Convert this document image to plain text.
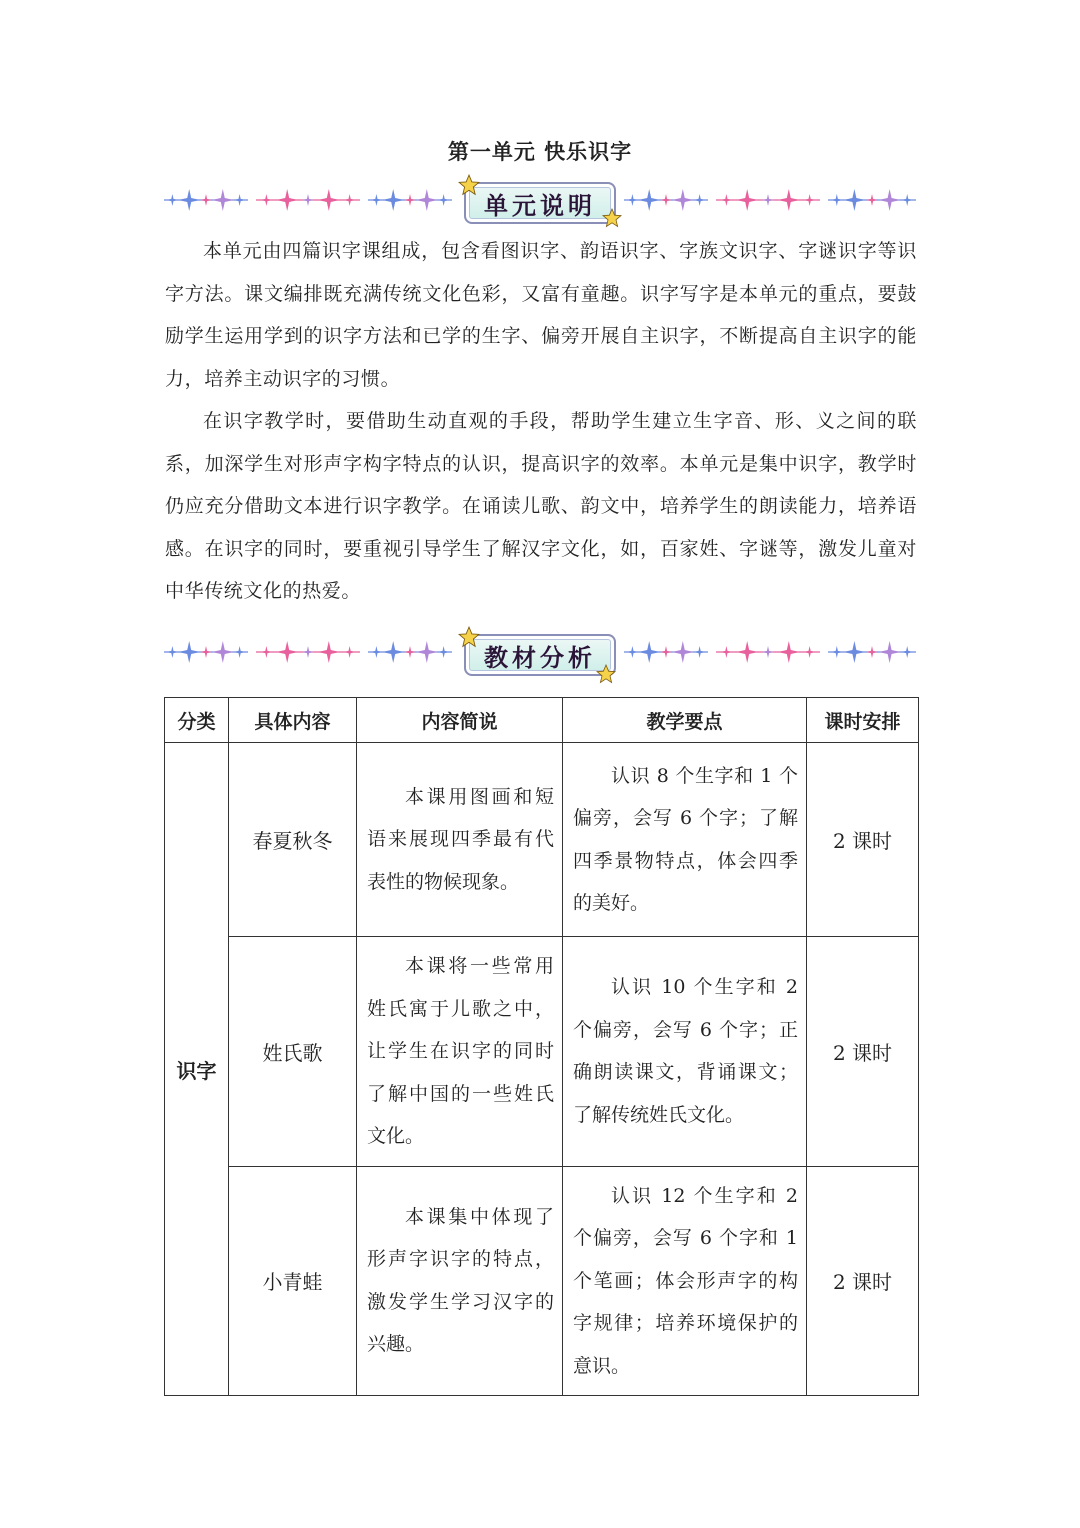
第一单元 快乐识字
单元说明

本单元由四篇识字课组成，包含看图识字、韵语识字、字族文识字、字谜识字等识字方法。课文编排既充满传统文化色彩，又富有童趣。识字写字是本单元的重点，要鼓励学生运用学到的识字方法和已学的生字、偏旁开展自主识字，不断提高自主识字的能力，培养主动识字的习惯。

在识字教学时，要借助生动直观的手段，帮助学生建立生字音、形、义之间的联系，加深学生对形声字构字特点的认识，提高识字的效率。本单元是集中识字，教学时仍应充分借助文本进行识字教学。在诵读儿歌、韵文中，培养学生的朗读能力，培养语感。在识字的同时，要重视引导学生了解汉字文化，如，百家姓、字谜等，激发儿童对中华传统文化的热爱。

教材分析
分类	具体内容	内容简说	教学要点	课时安排
识字	春夏秋冬	本课用图画和短语来展现四季最有代表性的物候现象。	认识 8 个生字和 1 个偏旁，会写 6 个字；了解四季景物特点，体会四季的美好。	2 课时
	姓氏歌	本课将一些常用姓氏寓于儿歌之中，让学生在识字的同时了解中国的一些姓氏文化。	认识 10 个生字和 2 个偏旁，会写 6 个字；正确朗读课文，背诵课文；了解传统姓氏文化。	2 课时
	小青蛙	本课集中体现了形声字识字的特点，激发学生学习汉字的兴趣。	认识 12 个生字和 2 个偏旁，会写 6 个字和 1 个笔画；体会形声字的构字规律；培养环境保护的意识。	2 课时
